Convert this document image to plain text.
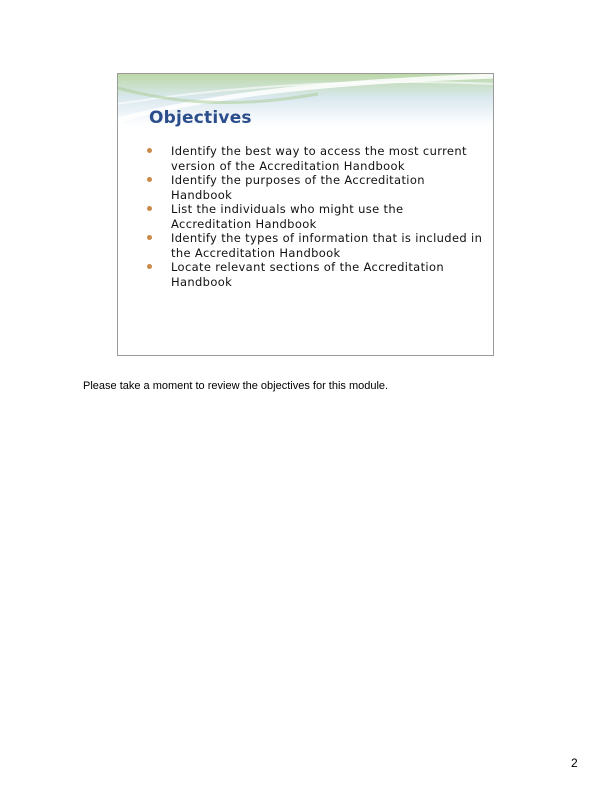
Objectives
Identify the best way to access the most current version of the Accreditation Handbook
Identify the purposes of the Accreditation Handbook
List the individuals who might use the Accreditation Handbook
Identify the types of information that is included in the Accreditation Handbook
Locate relevant sections of the Accreditation Handbook

Please take a moment to review the objectives for this module.

2
